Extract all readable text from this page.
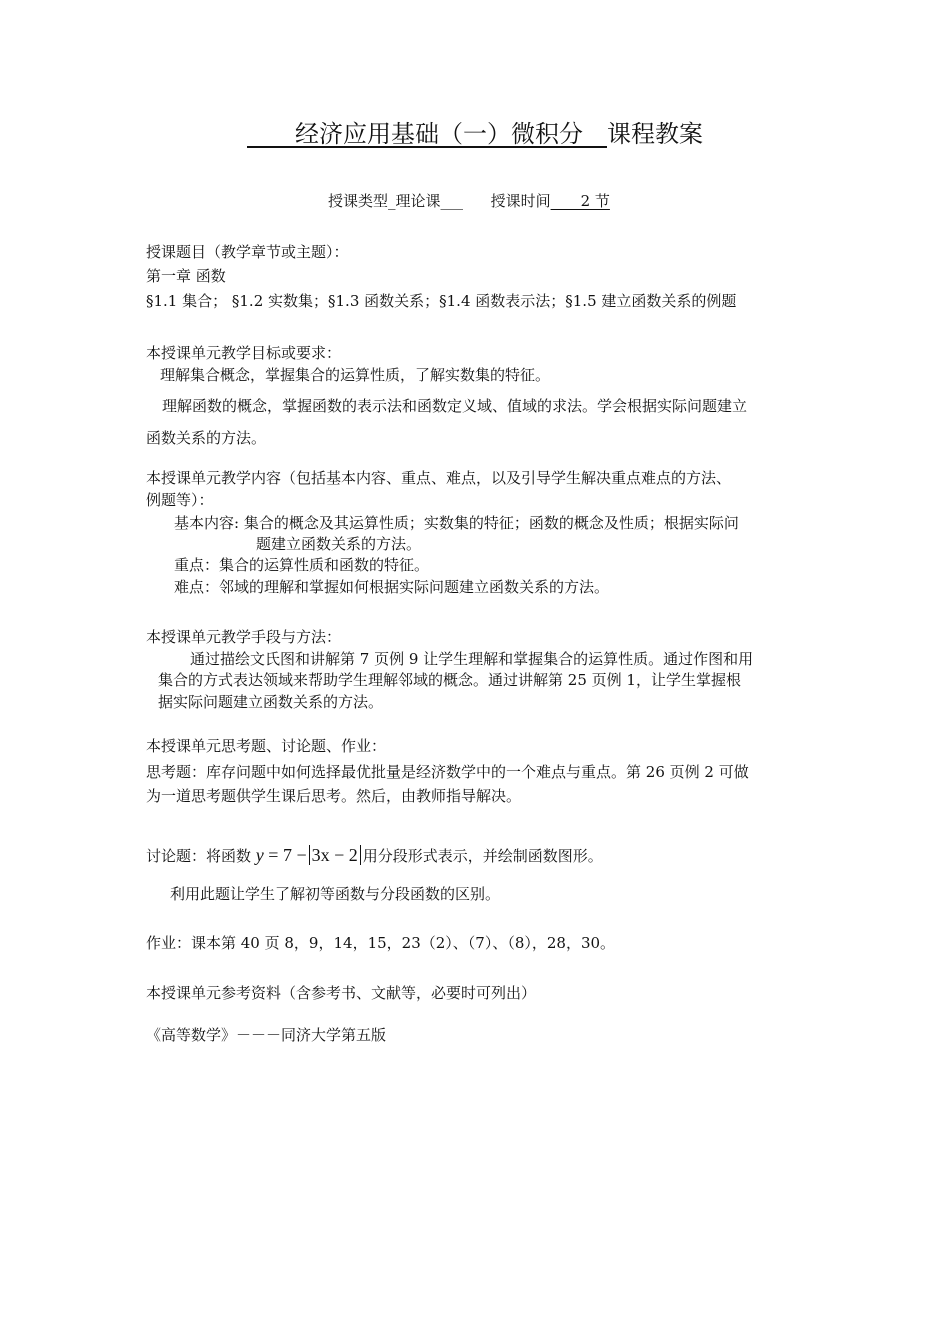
____经济应用基础（一）微积分　课程教案
授课类型_理论课___ 授课时间____2 节
授课题目（教学章节或主题）：
第一章 函数
§1.1 集合； §1.2 实数集；§1.3 函数关系；§1.4 函数表示法；§1.5 建立函数关系的例题
本授课单元教学目标或要求：
理解集合概念，掌握集合的运算性质，了解实数集的特征。
理解函数的概念，掌握函数的表示法和函数定义域、值域的求法。学会根据实际问题建立
函数关系的方法。
本授课单元教学内容（包括基本内容、重点、难点，以及引导学生解决重点难点的方法、
例题等）：
基本内容: 集合的概念及其运算性质；实数集的特征；函数的概念及性质；根据实际问
题建立函数关系的方法。
重点：集合的运算性质和函数的特征。
难点：邻域的理解和掌握如何根据实际问题建立函数关系的方法。
本授课单元教学手段与方法：
通过描绘文氏图和讲解第 7 页例 9 让学生理解和掌握集合的运算性质。通过作图和用
集合的方式表达领域来帮助学生理解邻域的概念。通过讲解第 25 页例 1，让学生掌握根
据实际问题建立函数关系的方法。
本授课单元思考题、讨论题、作业：
思考题：库存问题中如何选择最优批量是经济数学中的一个难点与重点。第 26 页例 2 可做
为一道思考题供学生课后思考。然后，由教师指导解决。
讨论题：将函数 y = 7 − 3x − 2 用分段形式表示，并绘制函数图形。
利用此题让学生了解初等函数与分段函数的区别。
作业：课本第 40 页 8，9，14，15，23（2）、（7）、（8），28，30。
本授课单元参考资料（含参考书、文献等，必要时可列出）
《高等数学》－－－同济大学第五版
